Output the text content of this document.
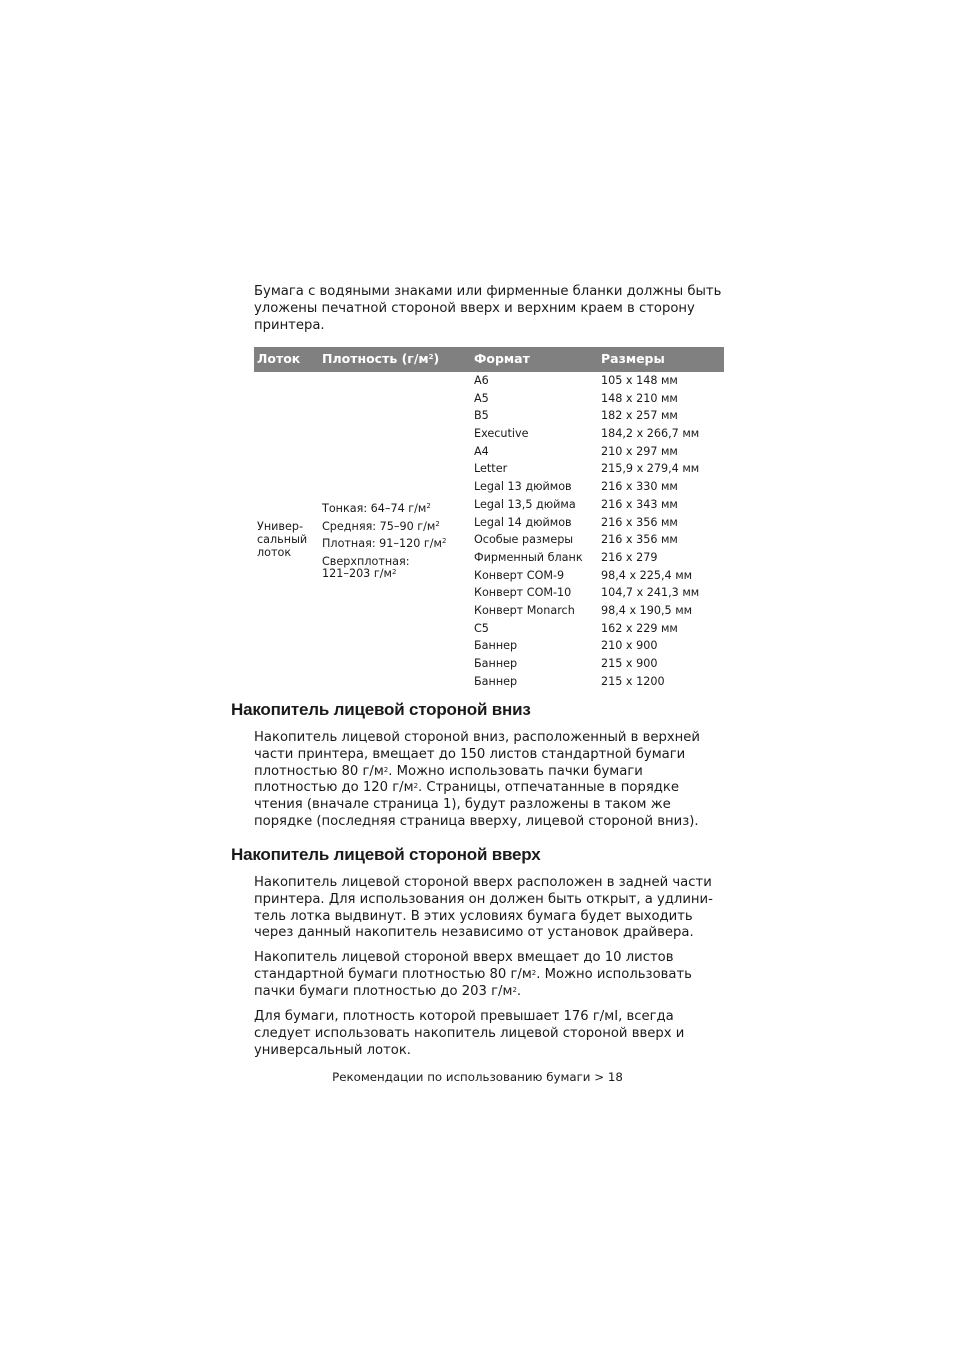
Бумага с водяными знаками или фирменные бланки должны быть
уложены печатной стороной вверх и верхним краем в сторону
принтера.

Лоток Плотность $(г/м^2)$	Формат	Размеры
Универ-
сальный
лоток
Тонкая: 64–74 $г/м^2$
Средняя: 75–90 $г/м^2$
Плотная: 91–120 $г/м^2$
Сверхплотная:
121–203 $г/м^2$
A6
A5
B5
Executive
A4
Letter
Legal 13 дюймов
Legal 13,5 дюйма
Legal 14 дюймов
Особые размеры
Фирменный бланк
Конверт COM-9
Конверт COM-10
Конверт Monarch
C5
Баннер
Баннер
Баннер
105 x 148 мм
148 x 210 мм
182 x 257 мм
184,2 x 266,7 мм
210 x 297 мм
215,9 x 279,4 мм
216 x 330 мм
216 x 343 мм
216 x 356 мм
216 x 356 мм
216 x 279
98,4 x 225,4 мм
104,7 x 241,3 мм
98,4 x 190,5 мм
162 x 229 мм
210 x 900
215 x 900
215 x 1200
Накопитель лицевой стороной вниз

Накопитель лицевой стороной вниз, расположенный в верхней
части принтера, вмещает до 150 листов стандартной бумаги
плотностью 80 $г/м^2$. Можно использовать пачки бумаги
плотностью до 120 $г/м^2$. Страницы, отпечатанные в порядке
чтения (вначале страница 1), будут разложены в таком же
порядке (последняя страница вверху, лицевой стороной вниз).

Накопитель лицевой стороной вверх

Накопитель лицевой стороной вверх расположен в задней части
принтера. Для использования он должен быть открыт, а удлини-
тель лотка выдвинут. В этих условиях бумага будет выходить
через данный накопитель независимо от установок драйвера.

Накопитель лицевой стороной вверх вмещает до 10 листов
стандартной бумаги плотностью 80 $г/м^2$. Можно использовать
пачки бумаги плотностью до 203 $г/м^2$.

Для бумаги, плотность которой превышает 176 г/мI, всегда
следует использовать накопитель лицевой стороной вверх и
универсальный лоток.

Рекомендации по использованию бумаги > 18
